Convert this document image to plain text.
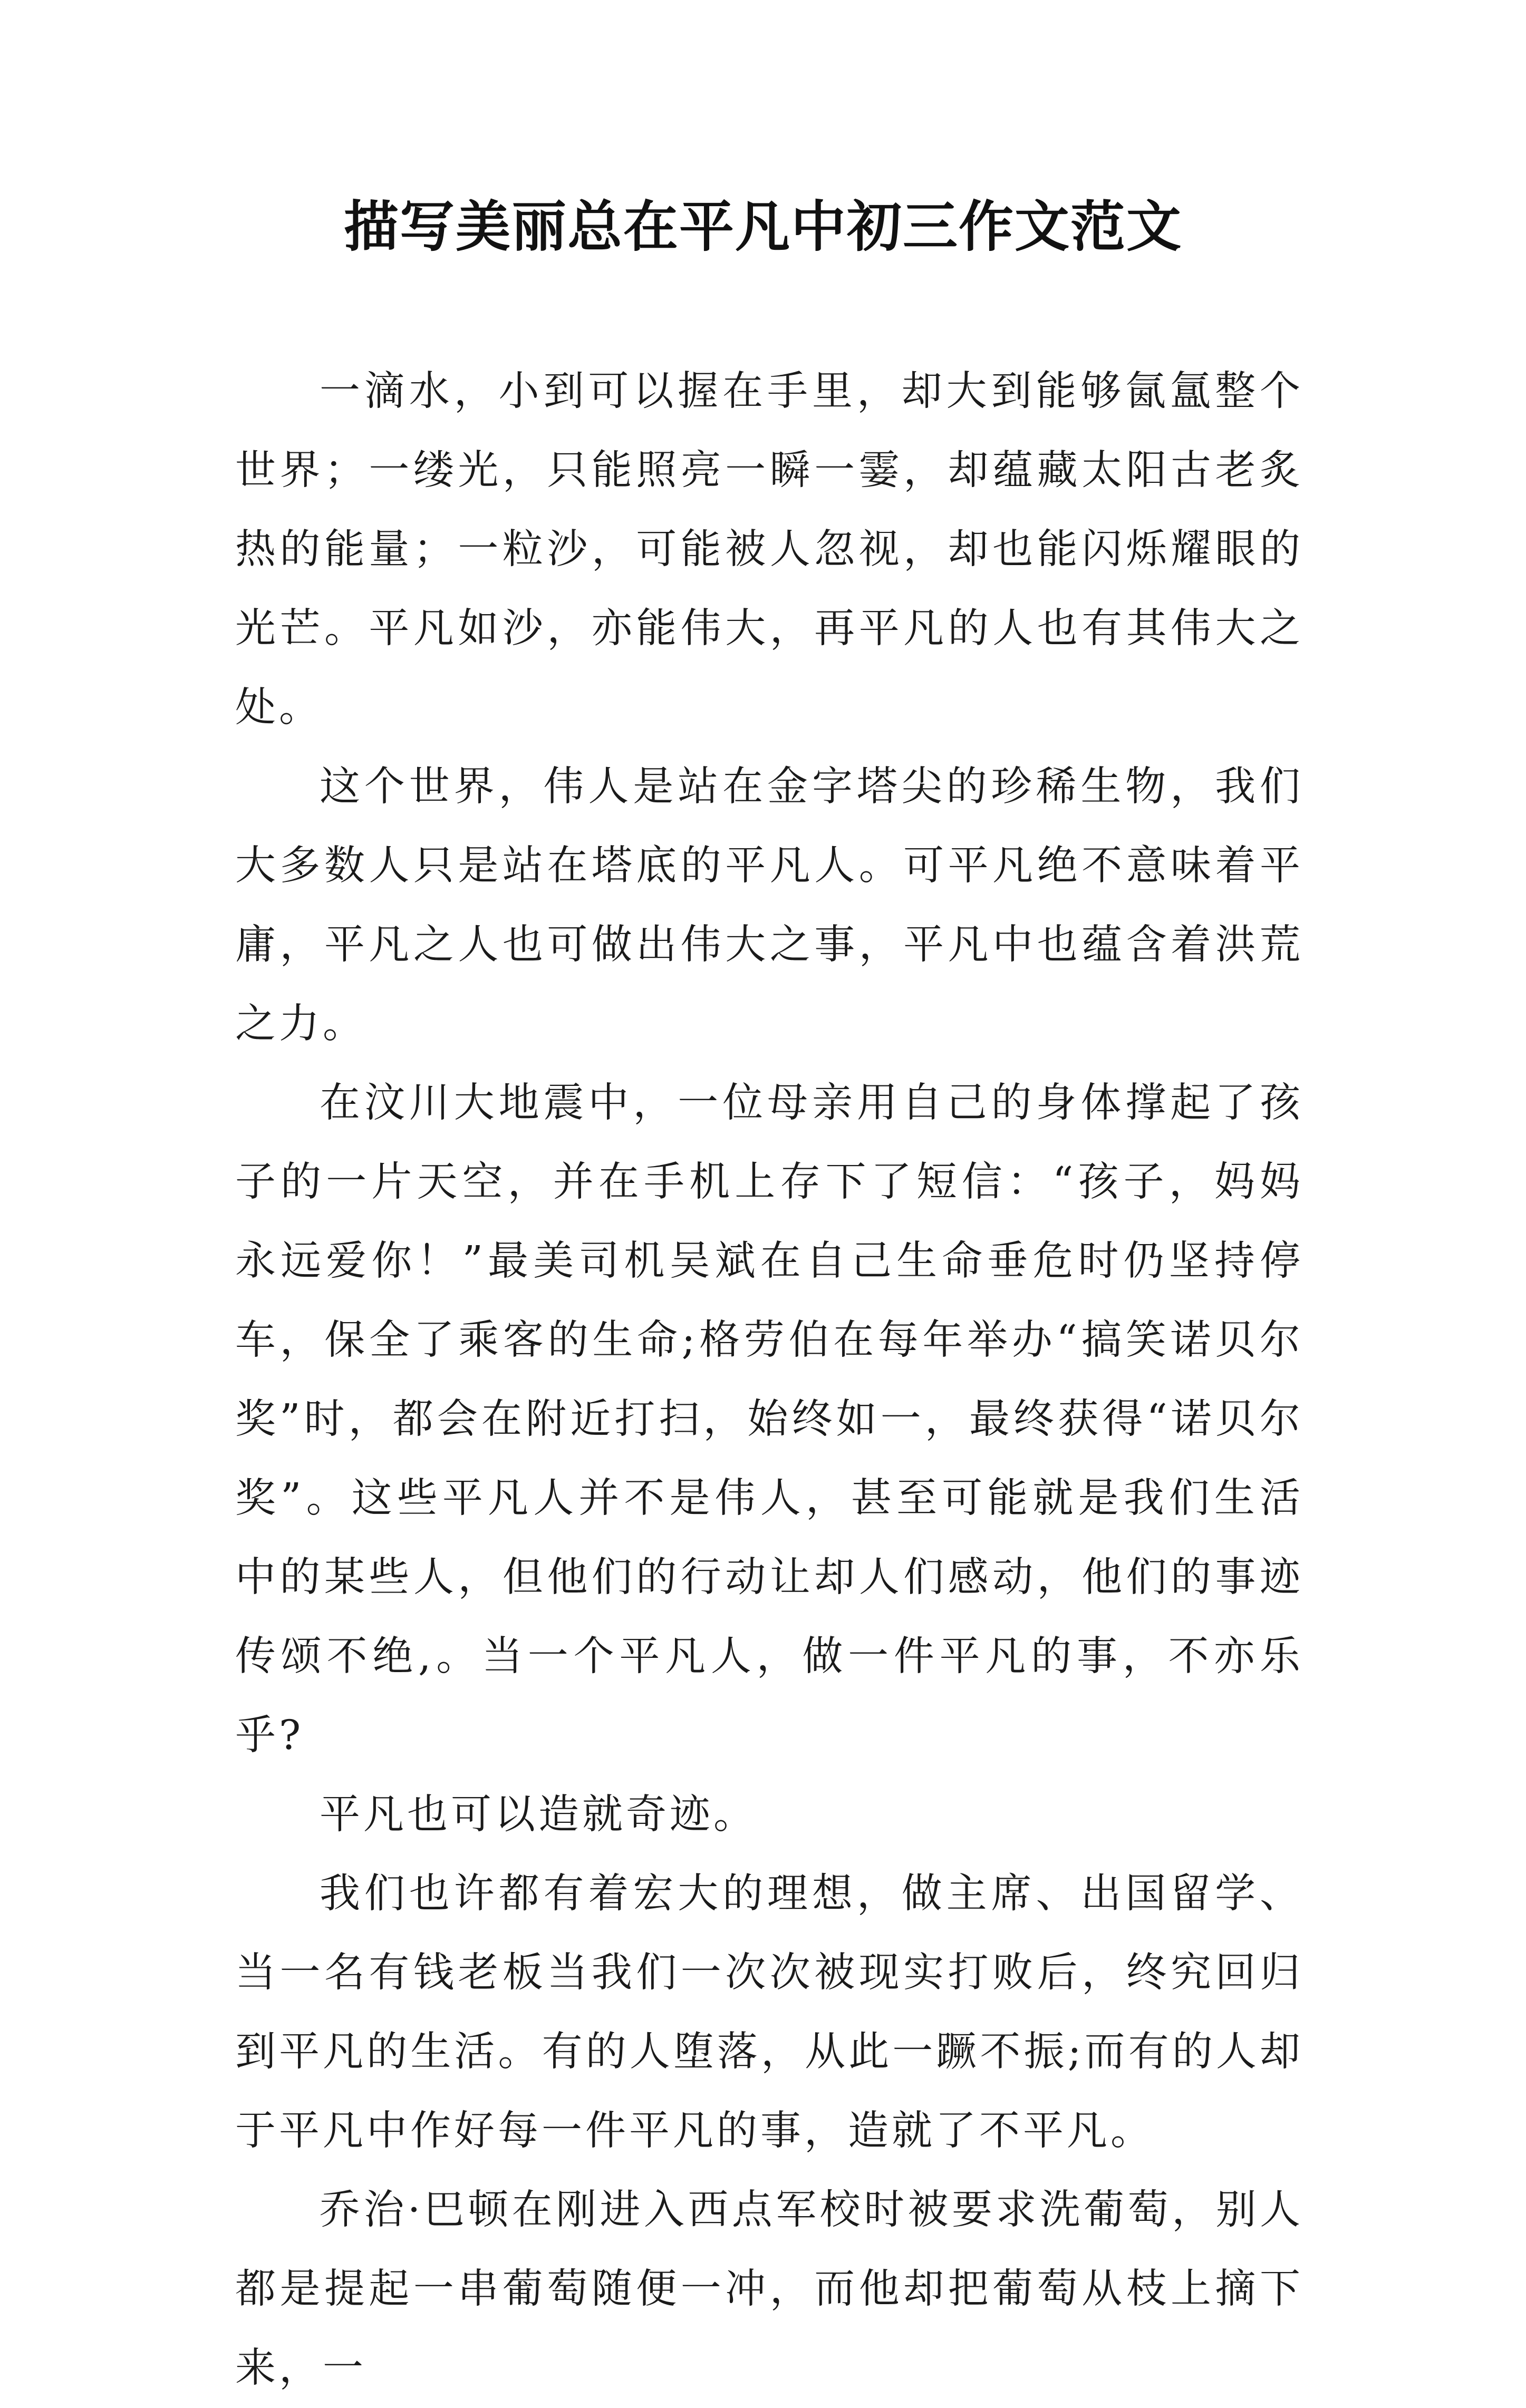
描写美丽总在平凡中初三作文范文

一滴水，小到可以握在手里，却大到能够氤氲整个世界；一缕光，只能照亮一瞬一霎，却蕴藏太阳古老炙热的能量；一粒沙，可能被人忽视，却也能闪烁耀眼的光芒。平凡如沙，亦能伟大，再平凡的人也有其伟大之处。

这个世界，伟人是站在金字塔尖的珍稀生物，我们大多数人只是站在塔底的平凡人。可平凡绝不意味着平庸，平凡之人也可做出伟大之事，平凡中也蕴含着洪荒之力。

在汶川大地震中，一位母亲用自己的身体撑起了孩子的一片天空，并在手机上存下了短信：“孩子，妈妈永远爱你！”最美司机吴斌在自己生命垂危时仍坚持停车，保全了乘客的生命;格劳伯在每年举办“搞笑诺贝尔奖”时，都会在附近打扫，始终如一，最终获得“诺贝尔奖”。这些平凡人并不是伟人，甚至可能就是我们生活中的某些人，但他们的行动让却人们感动，他们的事迹传颂不绝,。当一个平凡人，做一件平凡的事，不亦乐乎?

平凡也可以造就奇迹。

我们也许都有着宏大的理想，做主席、出国留学、当一名有钱老板当我们一次次被现实打败后，终究回归到平凡的生活。有的人堕落，从此一蹶不振;而有的人却于平凡中作好每一件平凡的事，造就了不平凡。

乔治·巴顿在刚进入西点军校时被要求洗葡萄，别人都是提起一串葡萄随便一冲，而他却把葡萄从枝上摘下来，一
